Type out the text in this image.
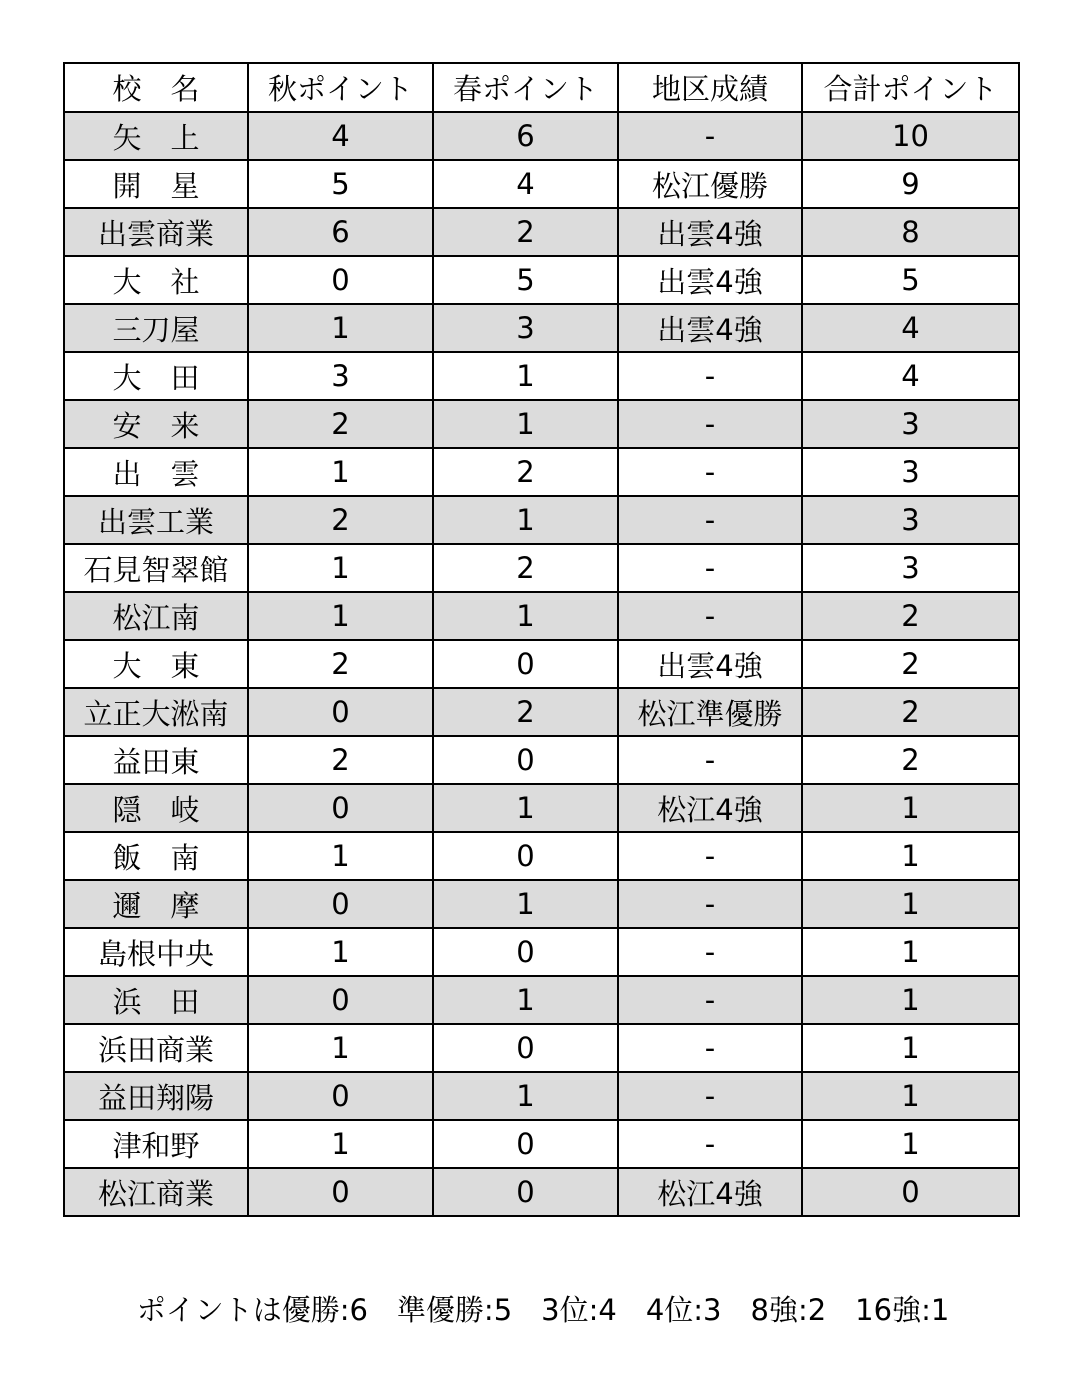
校　名	秋ポイント	春ポイント	地区成績	合計ポイント
矢　上	4	6	-	10
開　星	5	4	松江優勝	9
出雲商業	6	2	出雲4強	8
大　社	0	5	出雲4強	5
三刀屋	1	3	出雲4強	4
大　田	3	1	-	4
安　来	2	1	-	3
出　雲	1	2	-	3
出雲工業	2	1	-	3
石見智翠館	1	2	-	3
松江南	1	1	-	2
大　東	2	0	出雲4強	2
立正大淞南	0	2	松江準優勝	2
益田東	2	0	-	2
隠　岐	0	1	松江4強	1
飯　南	1	0	-	1
邇　摩	0	1	-	1
島根中央	1	0	-	1
浜　田	0	1	-	1
浜田商業	1	0	-	1
益田翔陽	0	1	-	1
津和野	1	0	-	1
松江商業	0	0	松江4強	0
ポイントは優勝:6　準優勝:5　3位:4　4位:3　8強:2　16強:1
